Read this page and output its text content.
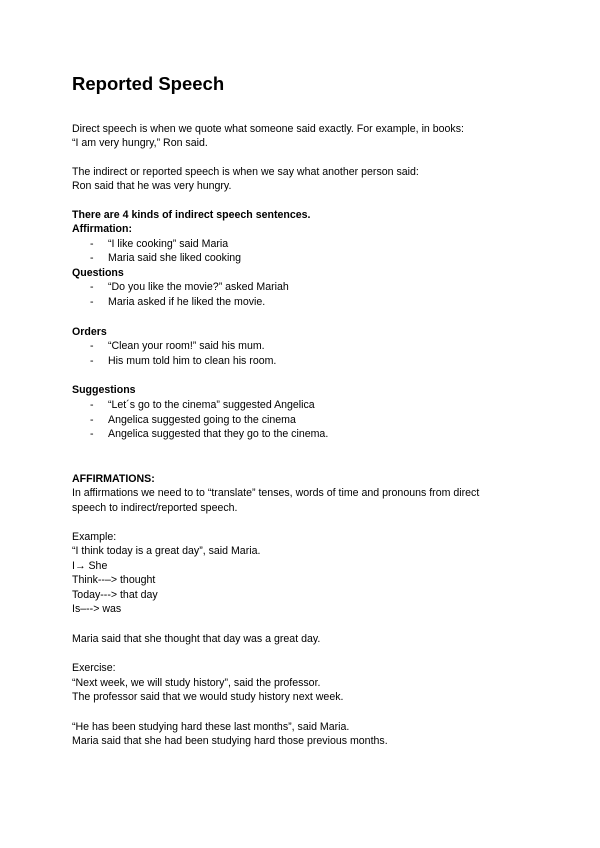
Reported Speech
Direct speech is when we quote what someone said exactly. For example, in books:
“I am very hungry,” Ron said.
The indirect or reported speech is when we say what another person said:
Ron said that he was very hungry.
There are 4 kinds of indirect speech sentences.
Affirmation:
- “I like cooking” said Maria
- Maria said she liked cooking
Questions
- “Do you like the movie?” asked Mariah
- Maria asked if he liked the movie.
Orders
- “Clean your room!” said his mum.
- His mum told him to clean his room.
Suggestions
- “Let´s go to the cinema” suggested Angelica
- Angelica suggested going to the cinema
- Angelica suggested that they go to the cinema.
AFFIRMATIONS:
In affirmations we need to to “translate” tenses, words of time and pronouns from direct
speech to indirect/reported speech.
Example:
“I think today is a great day”, said Maria.
I→ She
Think--–> thought
Today---> that day
Is–--> was
Maria said that she thought that day was a great day.
Exercise:
“Next week, we will study history”, said the professor.
The professor said that we would study history next week.
“He has been studying hard these last months”, said Maria.
Maria said that she had been studying hard those previous months.
